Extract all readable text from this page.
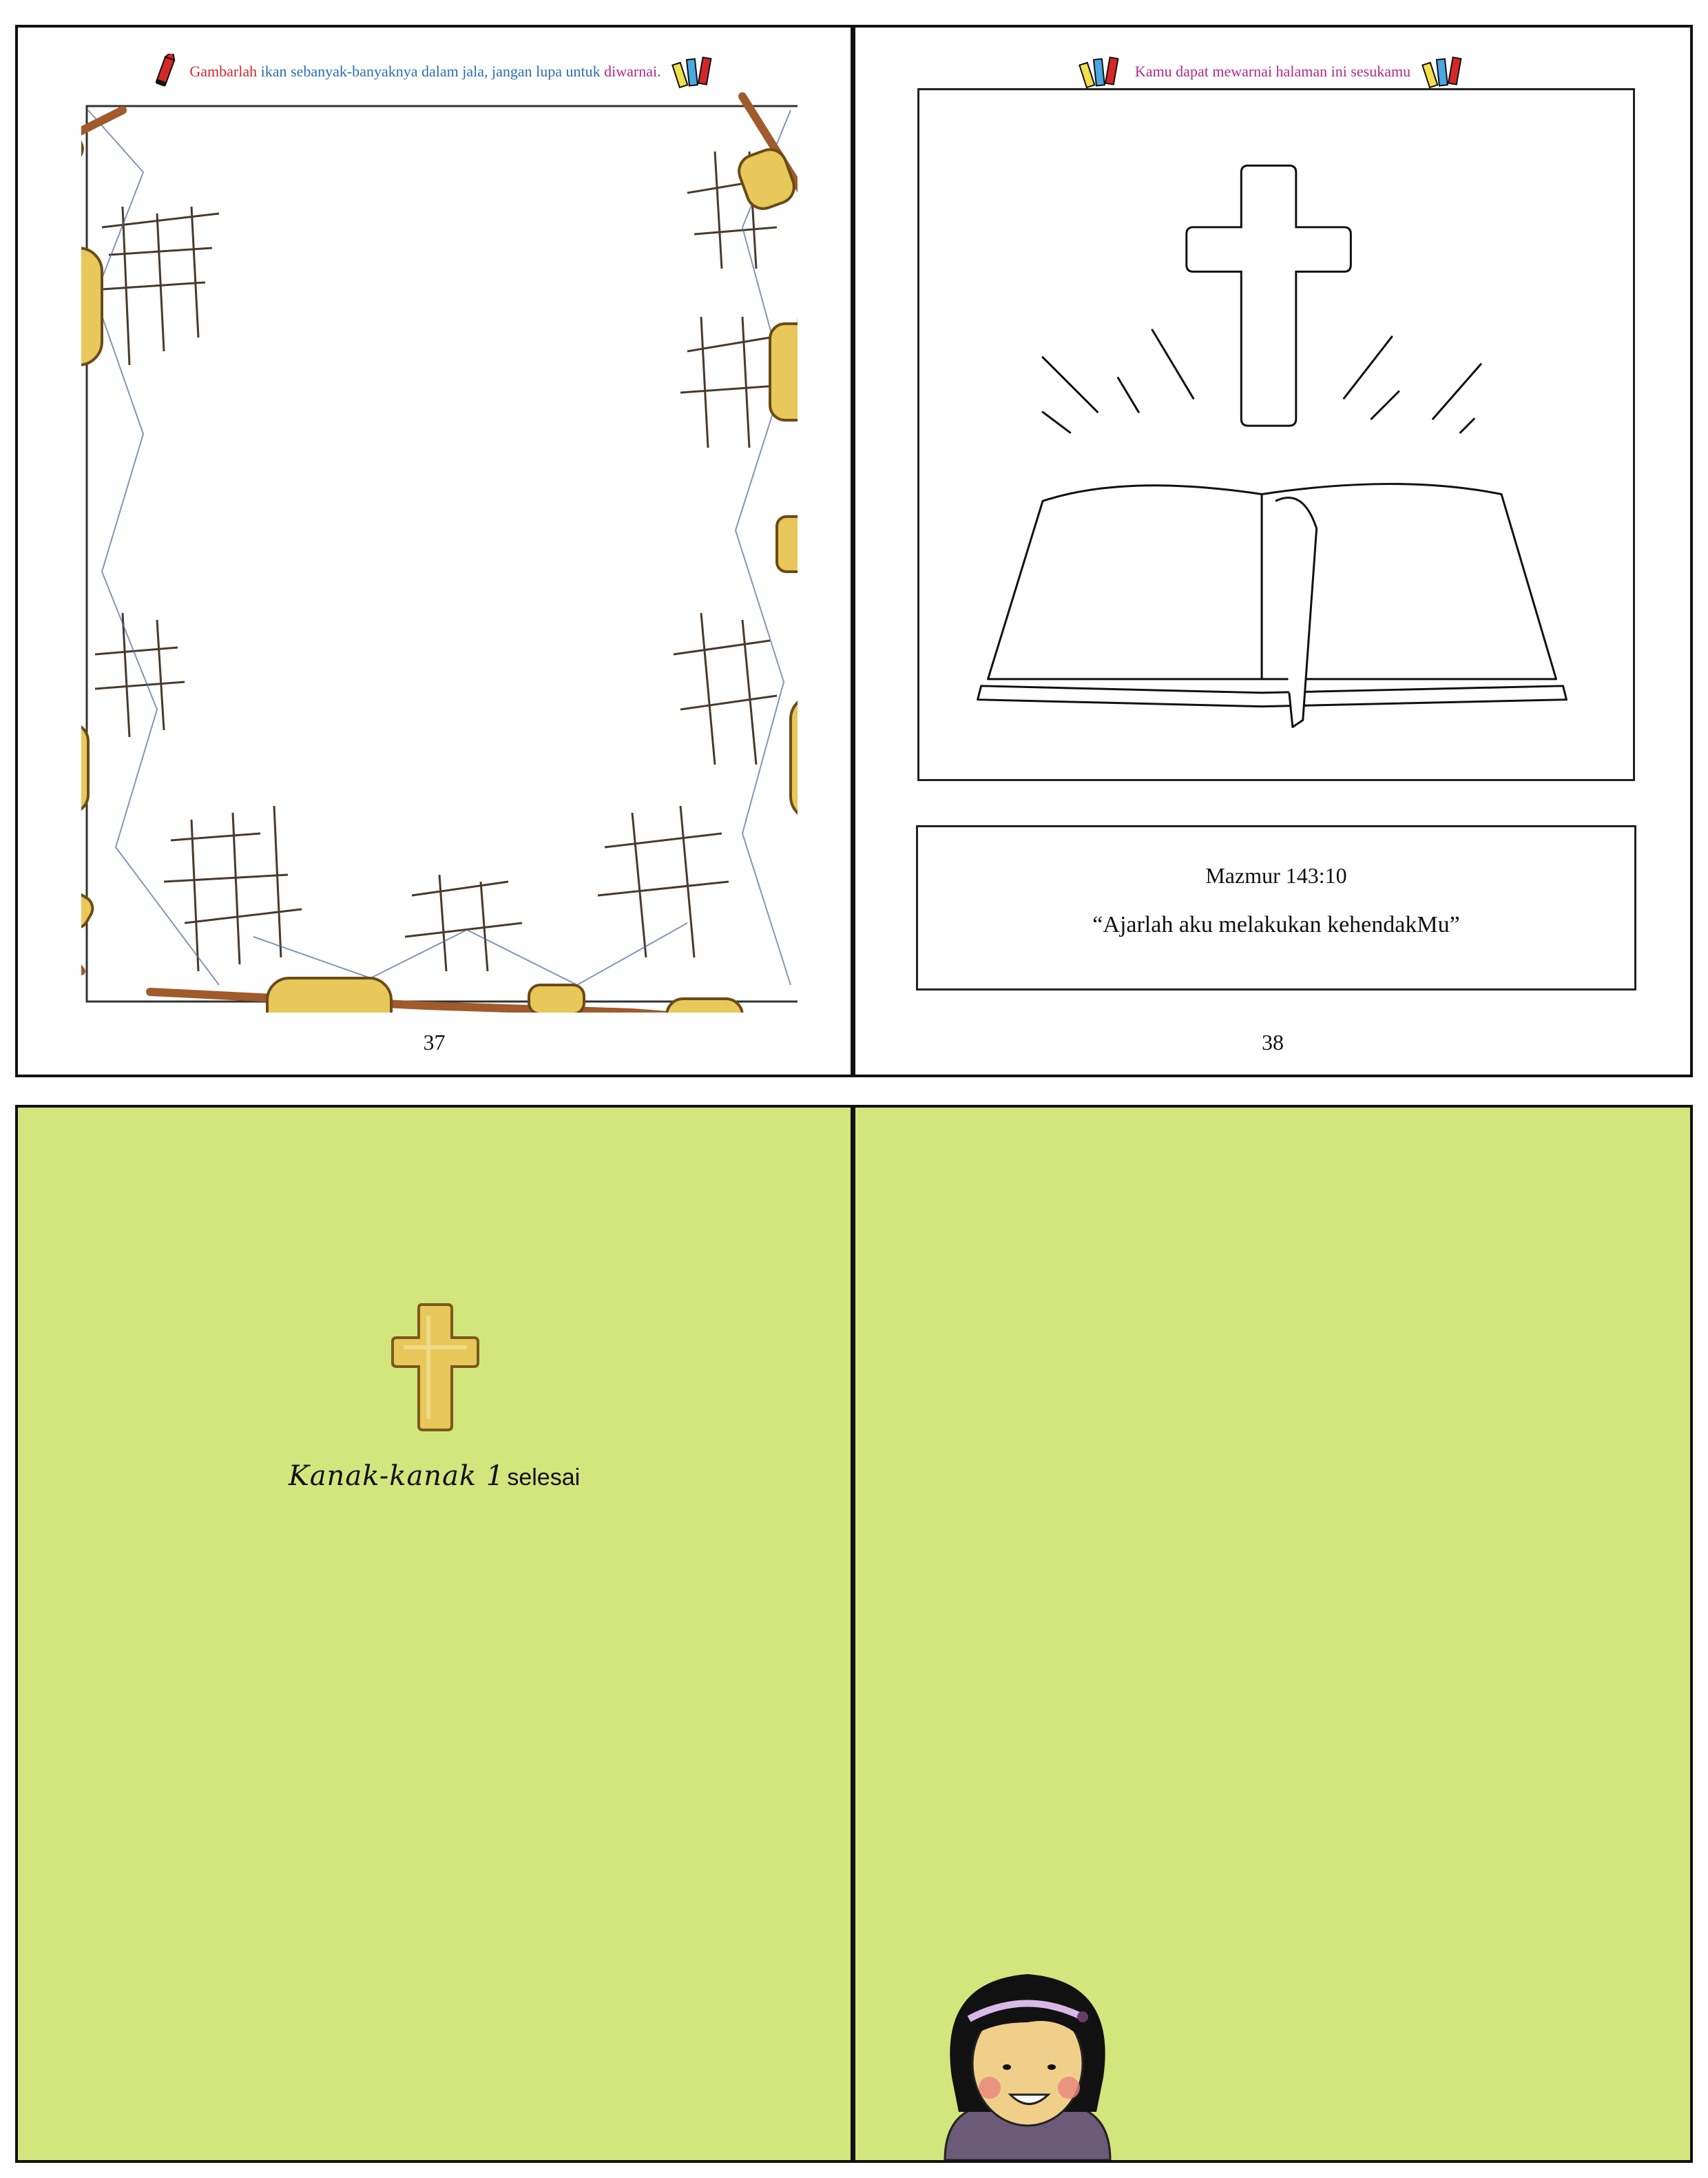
Gambarlah ikan sebanyak-banyaknya dalam jala, jangan lupa untuk diwarnai.
37
Kamu dapat mewarnai halaman ini sesukamu
Mazmur 143:10
“Ajarlah aku melakukan kehendakMu”
38
Kanak-kanak 1 selesai
